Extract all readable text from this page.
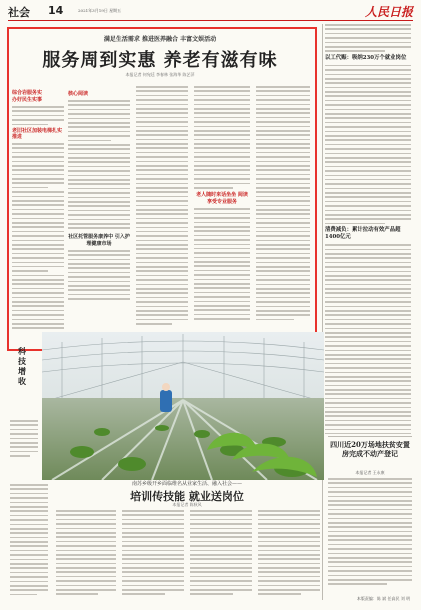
社会 14	2021年3月19日 星期五	人民日报
满足生活需求 推进医养融合 丰富文娱活动
服务周到实惠 养老有滋有味
本报记者 何宛廷 李春林 张海华 陈艺萍
综合岩服务实
办好民生实事
老旧社区加装电梯扎实推进
核心阅读
社区托管服务康养中 引入护理健康市场
老人随时来话坐坐 阅读享受专业服务
以工代赈：吸纳230万个就业岗位
清费减负：累计拉动有效产品超1400亿元
科技增收
南苏乡级开乡面临维名从业家生活、融入社会——
培训传技能 就业送岗位
本报记者 陈秋风
四川近20万场地扶贫安置房完成不动产登记
本报记者 王永康
本版责编：陈 斌 任高民 刘 明
